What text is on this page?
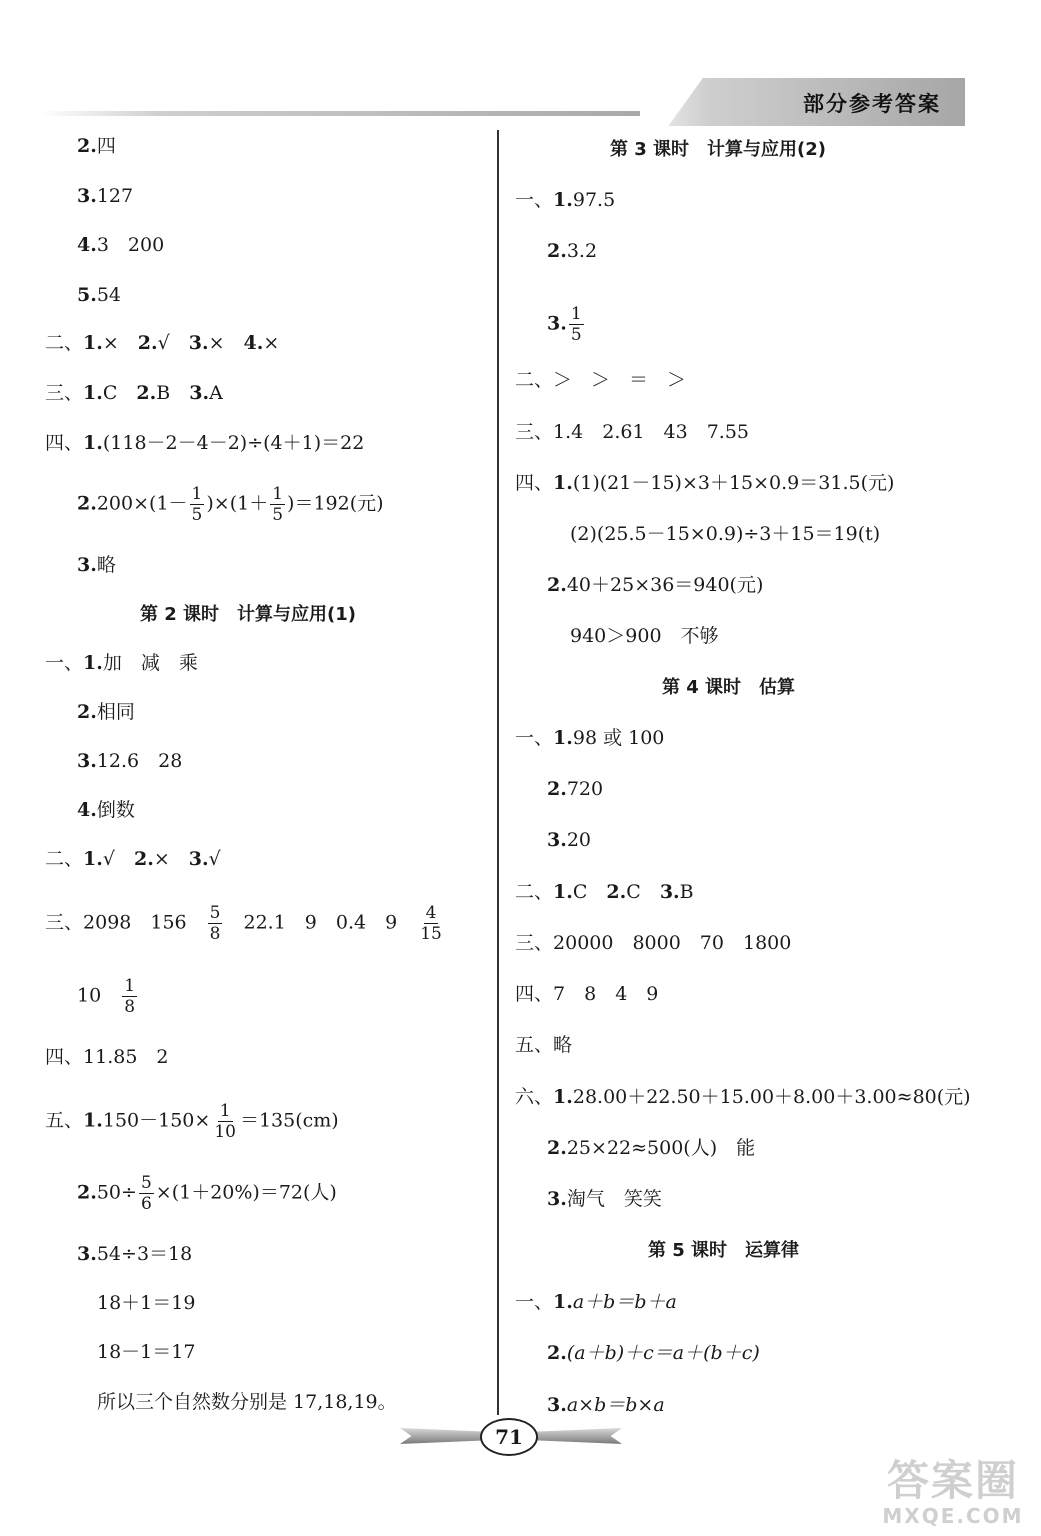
部分参考答案
2.四
3.127
4.3　200
5.54
二、1.×　 2.√　 3.×　 4.×
三、1.C　 2.B　 3.A
四、1.(118－2－4－2)÷(4＋1)＝22
$2.200\times(1- \frac{1}{5} )\times(1+ \frac{1}{5} )=192$(元)
3.略
第 2 课时　计算与应用(1)
一、1.加　减　乘
2.相同
3.12.6　28
4.倒数
二、1.√　 2.×　 3.√
三、2098　156　 $\frac{5}{8}$
　 22.1　9　0.4　9　 $\frac{4}{15}$
10　 $\frac{1}{8}$
四、11.85　2
五、$1.150-150\times \frac{1}{10} =135(cm)$
$2.50\div \frac{5}{6} \times(1+20\%)=72$(人)
3.54÷3＝18
18＋1＝19
18－1＝17
所以三个自然数分别是 17,18,19。
第 3 课时　计算与应用(2)
一、1.97.5
2.3.2
3. $\frac{1}{5}$
二、＞　＞　＝　＞
三、1.4　2.61　43　7.55
四、1.(1)(21－15)×3＋15×0.9＝31.5(元)
(2)(25.5－15×0.9)÷3＋15＝19(t)
2.40＋25×36＝940(元)
940＞900　不够
第 4 课时　估算
一、1.98 或 100
2.720
3.20
二、1.C　 2.C　 3.B
三、20000　8000　70　1800
四、7　8　4　9
五、略
六、1.28.00＋22.50＋15.00＋8.00＋3.00≈80(元)
2.25×22≈500(人)　能
3.淘气　笑笑
第 5 课时　运算律
一、1.a＋b＝b＋a
2.(a＋b)＋c＝a＋(b＋c)
3.a×b＝b×a
71
答案圈
MXQE.COM
